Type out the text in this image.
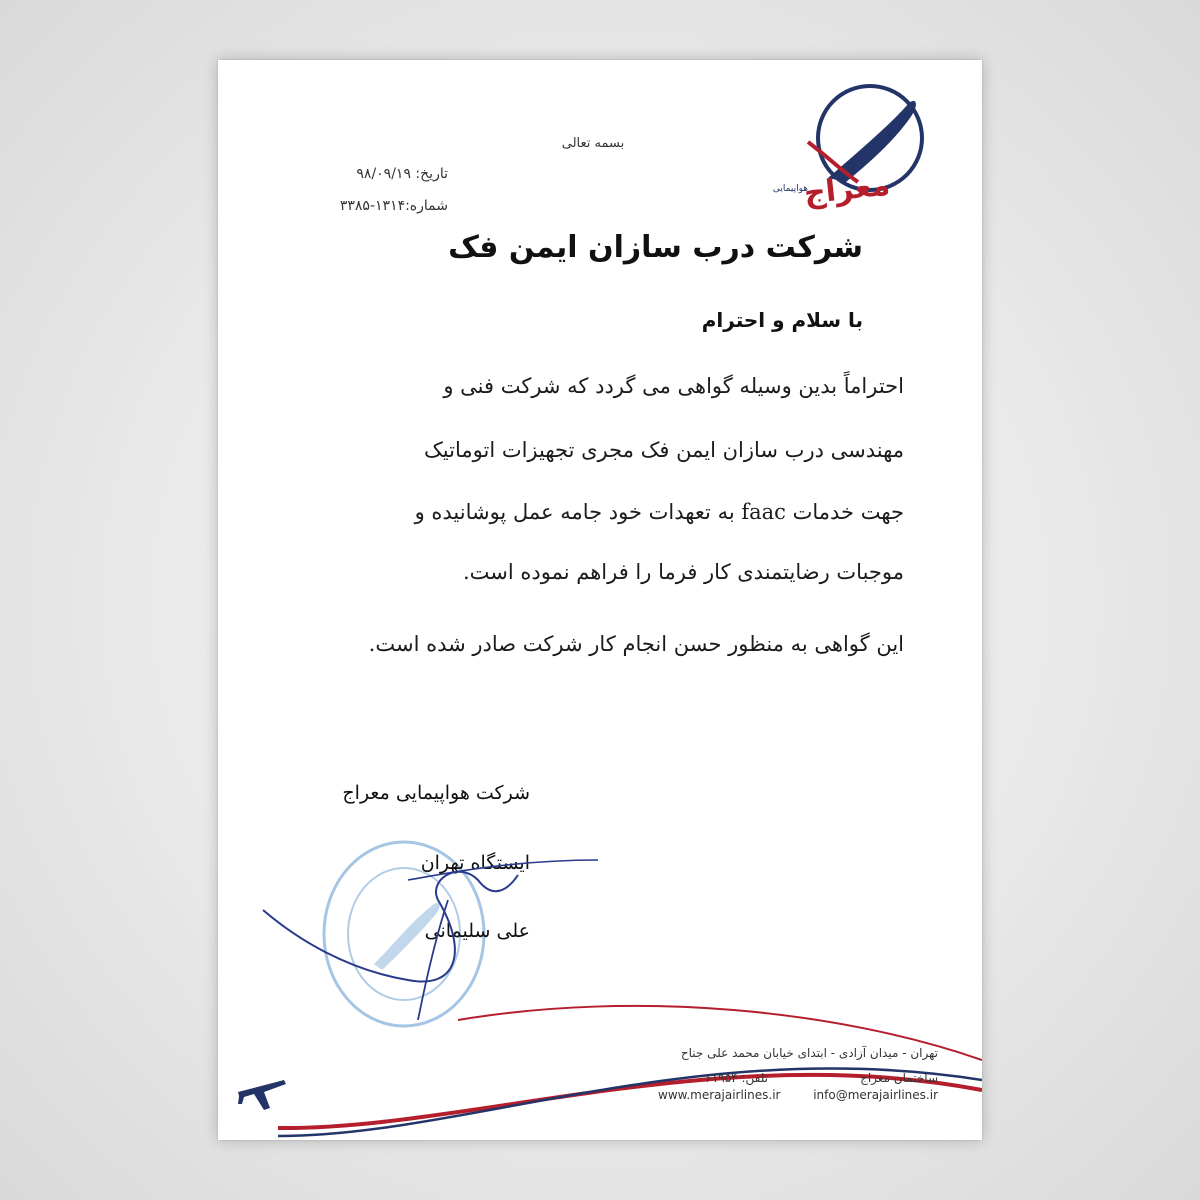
معراج
هواپیمایی
بسمه تعالی
تاریخ: ۹۸/۰۹/۱۹
شماره:۱۳۱۴-۳۳۸۵
شرکت درب سازان ایمن فک
با سلام و احترام
احتراماً بدین وسیله گواهی می گردد که شرکت فنی و
مهندسی درب سازان ایمن فک مجری تجهیزات اتوماتیک
جهت خدمات faac به تعهدات خود جامه عمل پوشانیده و
موجبات رضایتمندی کار فرما را فراهم نموده است.
این گواهی به منظور حسن انجام کار شرکت صادر شده است.
شرکت هواپیمایی معراج
ایستگاه تهران
علی سلیمانی
تهران - میدان آزادی - ابتدای خیابان محمد علی جناح
ساختمان معراج
تلفن: ۶۱۹۵۴
info@merajairlines.ir
www.merajairlines.ir
